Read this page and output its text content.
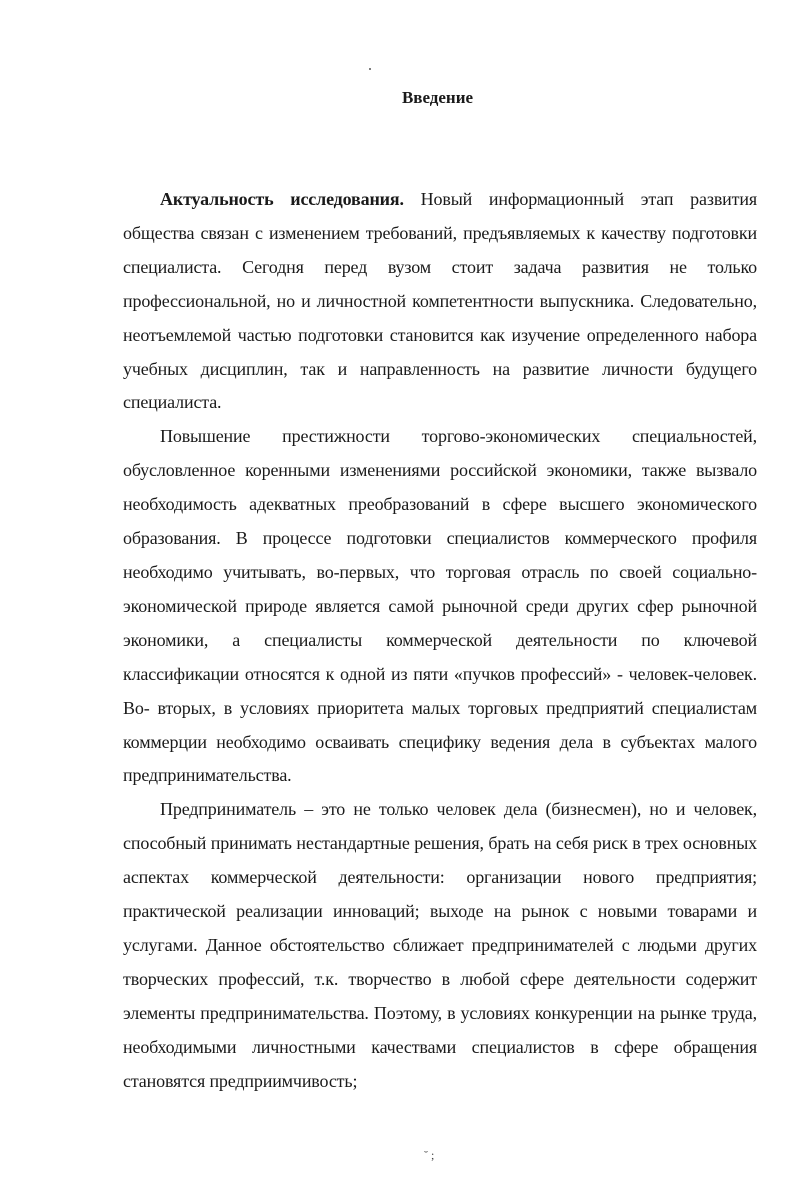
Введение

Актуальность исследования. Новый информационный этап развития общества связан с изменением требований, предъявляемых к качеству подготовки специалиста. Сегодня перед вузом стоит задача развития не только профессиональной, но и личностной компетентности выпускника. Следовательно, неотъемлемой частью подготовки становится как изучение определенного набора учебных дисциплин, так и направленность на развитие личности будущего специалиста.

Повышение престижности торгово-экономических специальностей, обусловленное коренными изменениями российской экономики, также вызвало необходимость адекватных преобразований в сфере высшего экономического образования. В процессе подготовки специалистов коммерческого профиля необходимо учитывать, во-первых, что торговая отрасль по своей социально-экономической природе является самой рыночной среди других сфер рыночной экономики, а специалисты коммерческой деятельности по ключевой классификации относятся к одной из пяти «пучков профессий» - человек-человек. Во- вторых, в условиях приоритета малых торговых предприятий специалистам коммерции необходимо осваивать специфику ведения дела в субъектах малого предпринимательства.

Предприниматель – это не только человек дела (бизнесмен), но и человек, способный принимать нестандартные решения, брать на себя риск в трех основных аспектах коммерческой деятельности: организации нового предприятия; практической реализации инноваций; выходе на рынок с новыми товарами и услугами. Данное обстоятельство сближает предпринимателей с людьми других творческих профессий, т.к. творчество в любой сфере деятельности содержит элементы предпринимательства. Поэтому, в условиях конкуренции на рынке труда, необходимыми личностными качествами специалистов в сфере обращения становятся предприимчивость;

˘ ;
